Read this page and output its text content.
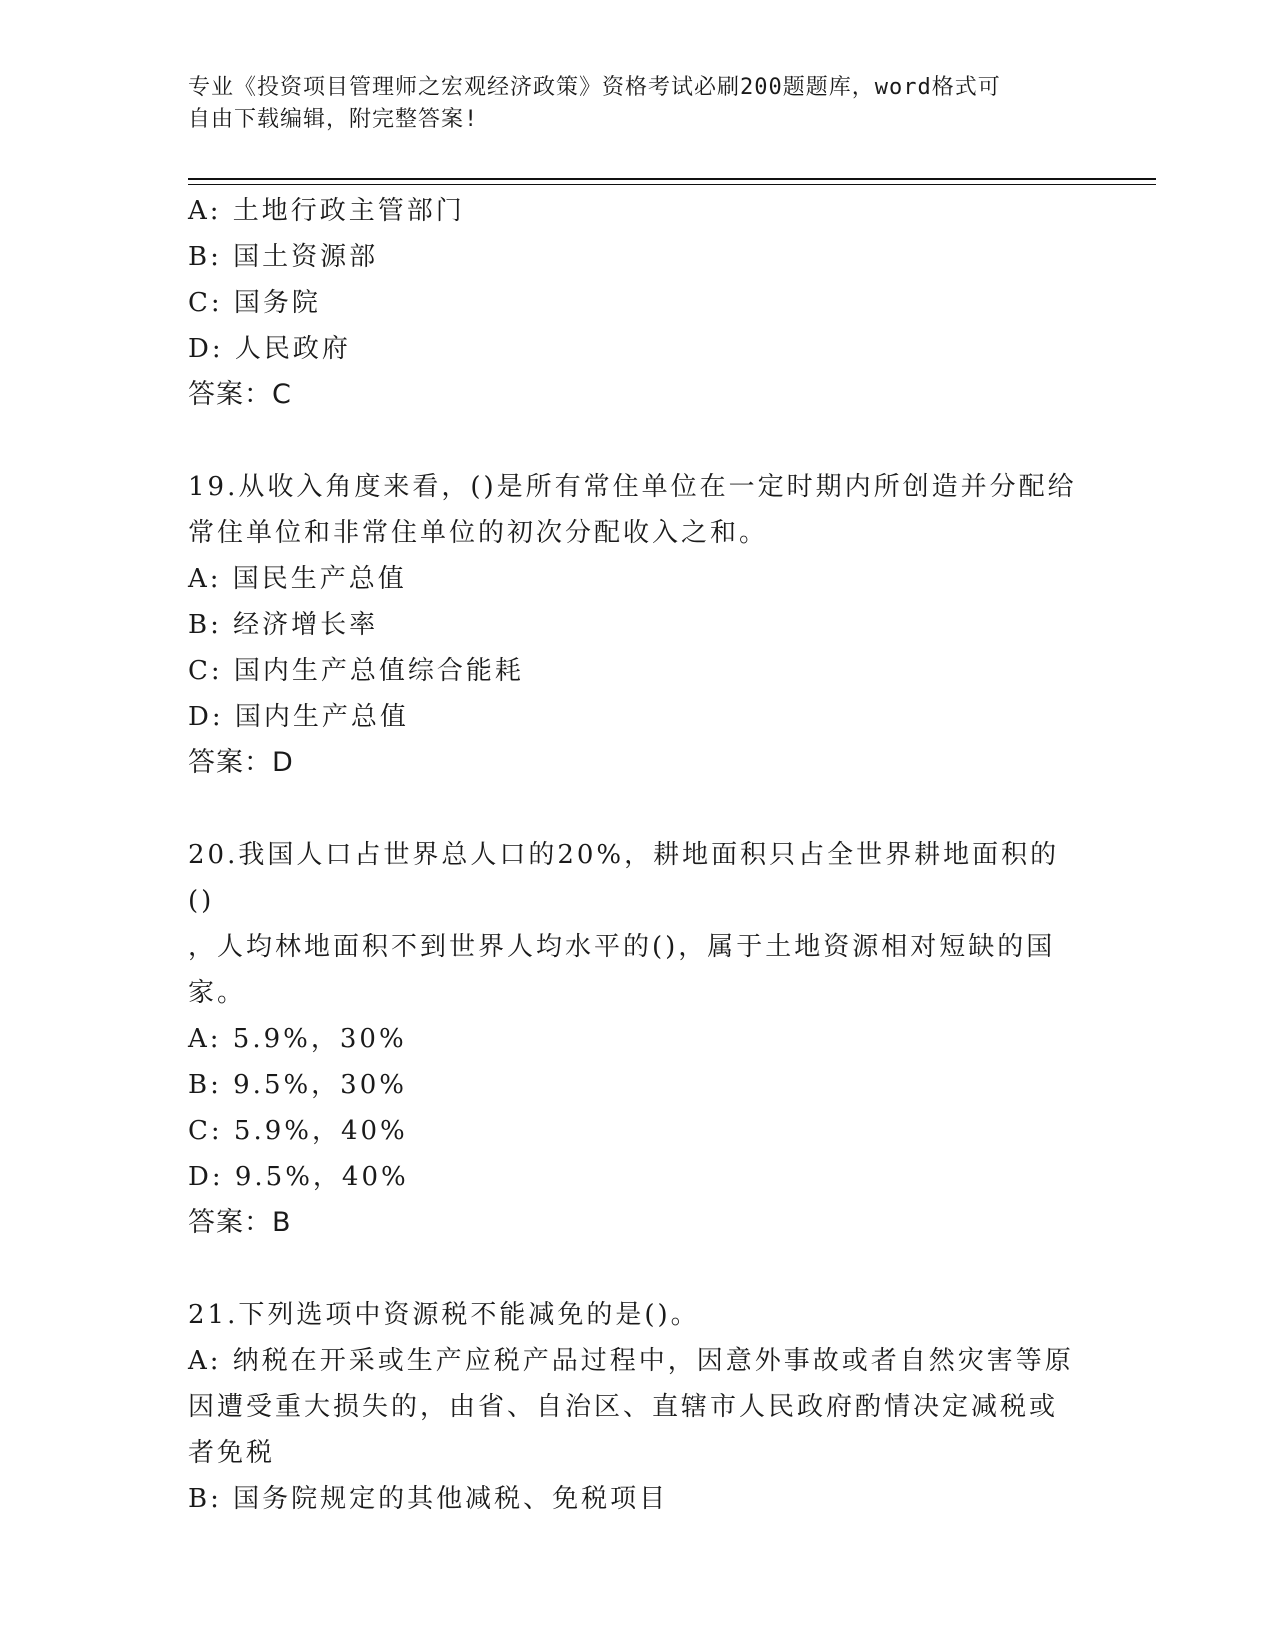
专业《投资项目管理师之宏观经济政策》资格考试必刷200题题库，word格式可
自由下载编辑，附完整答案!
A: 土地行政主管部门
B: 国土资源部
C: 国务院
D: 人民政府
答案：C
19.从收入角度来看，()是所有常住单位在一定时期内所创造并分配给
常住单位和非常住单位的初次分配收入之和。
A: 国民生产总值
B: 经济增长率
C: 国内生产总值综合能耗
D: 国内生产总值
答案：D
20.我国人口占世界总人口的20%，耕地面积只占全世界耕地面积的()
，人均林地面积不到世界人均水平的()，属于土地资源相对短缺的国
家。
A: 5.9%，30%
B: 9.5%，30%
C: 5.9%，40%
D: 9.5%，40%
答案：B
21.下列选项中资源税不能减免的是()。
A: 纳税在开采或生产应税产品过程中，因意外事故或者自然灾害等原
因遭受重大损失的，由省、自治区、直辖市人民政府酌情决定减税或
者免税
B: 国务院规定的其他减税、免税项目
